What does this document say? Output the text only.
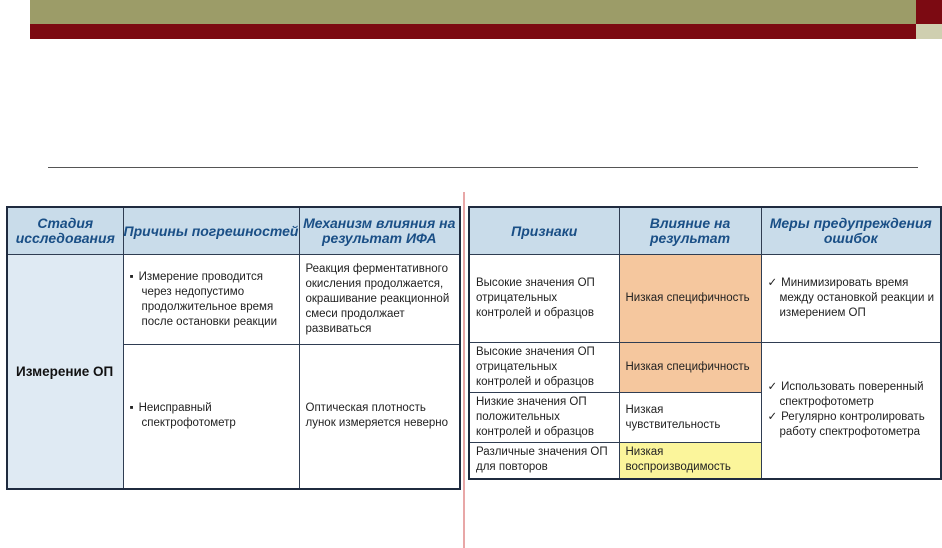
Стадия исследования	Причины погрешностей	Механизм влияния на результат ИФА
Измерение ОП	▪ Измерение проводится через недопустимо продолжительное время после остановки реакции	Реакция ферментативного окисления продолжается, окрашивание реакционной смеси продолжает развиваться

	▪ Неисправный спектрофотометр	Оптическая плотность лунок измеряется неверно
Признаки	Влияние на результат	Меры предупреждения ошибок
Высокие значения ОП отрицательных контролей и образцов	Низкая специфичность	✓ Минимизировать время между остановкой реакции и измерением ОП

Высокие значения ОП отрицательных контролей и образцов	Низкая специфичность	✓ Использовать поверенный спектрофотометр
✓ Регулярно контролировать работу спектрофотометра

Низкие значения ОП положительных контролей и образцов	Низкая чувствительность	
Различные значения ОП для повторов	Низкая воспроизводимость	
